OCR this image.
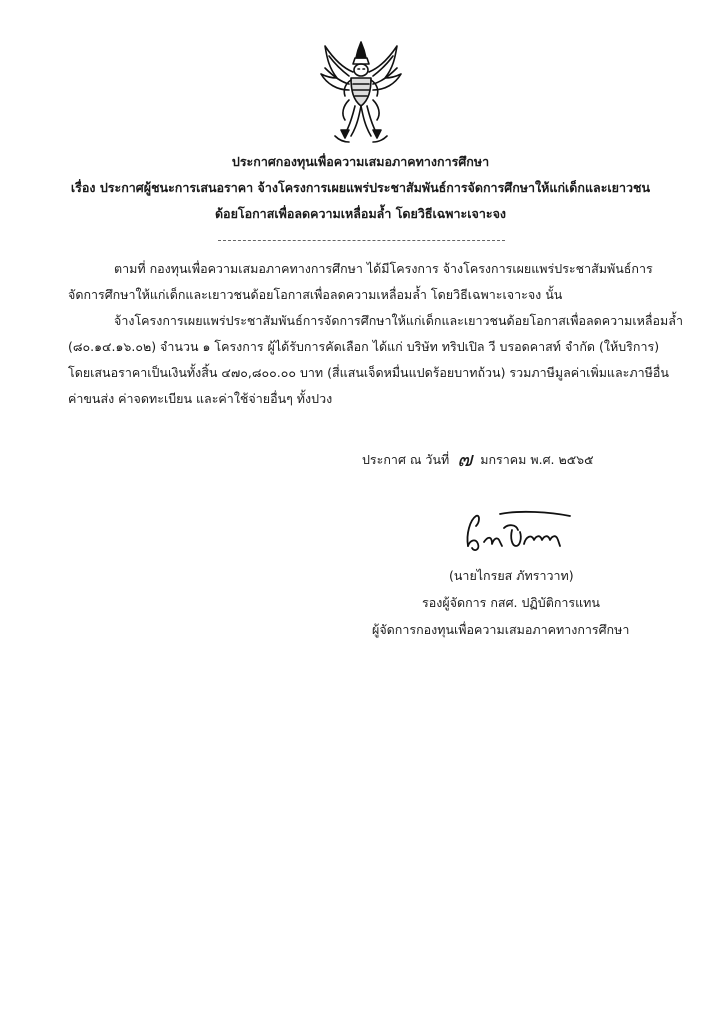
ประกาศกองทุนเพื่อความเสมอภาคทางการศึกษา
เรื่อง ประกาศผู้ชนะการเสนอราคา จ้างโครงการเผยแพร่ประชาสัมพันธ์การจัดการศึกษาให้แก่เด็กและเยาวชน
ด้อยโอกาสเพื่อลดความเหลื่อมล้ำ โดยวิธีเฉพาะเจาะจง
ตามที่ กองทุนเพื่อความเสมอภาคทางการศึกษา ได้มีโครงการ จ้างโครงการเผยแพร่ประชาสัมพันธ์การ
จัดการศึกษาให้แก่เด็กและเยาวชนด้อยโอกาสเพื่อลดความเหลื่อมล้ำ โดยวิธีเฉพาะเจาะจง นั้น
จ้างโครงการเผยแพร่ประชาสัมพันธ์การจัดการศึกษาให้แก่เด็กและเยาวชนด้อยโอกาสเพื่อลดความเหลื่อมล้ำ
(๘๐.๑๔.๑๖.๐๒) จำนวน ๑ โครงการ ผู้ได้รับการคัดเลือก ได้แก่ บริษัท ทริปเปิล วี บรอดคาสท์ จำกัด (ให้บริการ)
โดยเสนอราคาเป็นเงินทั้งสิ้น ๔๗๐,๘๐๐.๐๐ บาท (สี่แสนเจ็ดหมื่นแปดร้อยบาทถ้วน) รวมภาษีมูลค่าเพิ่มและภาษีอื่น
ค่าขนส่ง ค่าจดทะเบียน และค่าใช้จ่ายอื่นๆ ทั้งปวง
ประกาศ ณ วันที่ ๗ มกราคม พ.ศ. ๒๕๖๕
(นายไกรยส ภัทราวาท)
รองผู้จัดการ กสศ. ปฏิบัติการแทน
ผู้จัดการกองทุนเพื่อความเสมอภาคทางการศึกษา
